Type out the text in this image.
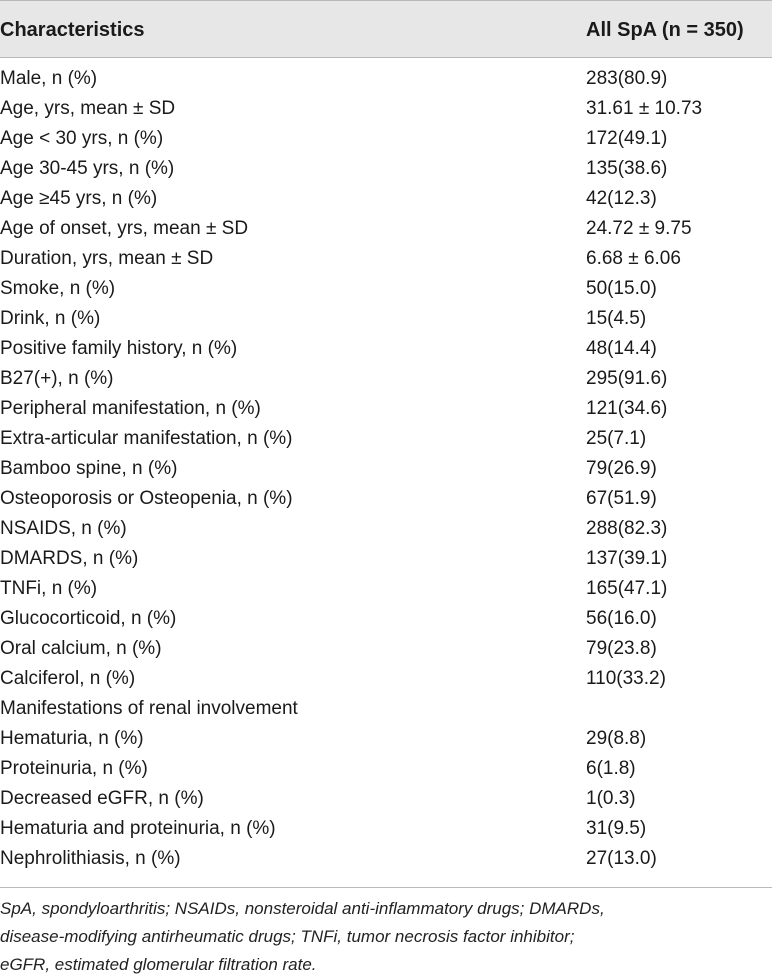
Characteristics	All SpA (n = 350)
Male, n (%)	283(80.9)
Age, yrs, mean ± SD	31.61 ± 10.73
Age < 30 yrs, n (%)	172(49.1)
Age 30-45 yrs, n (%)	135(38.6)
Age ≥45 yrs, n (%)	42(12.3)
Age of onset, yrs, mean ± SD	24.72 ± 9.75
Duration, yrs, mean ± SD	6.68 ± 6.06
Smoke, n (%)	50(15.0)
Drink, n (%)	15(4.5)
Positive family history, n (%)	48(14.4)
B27(+), n (%)	295(91.6)
Peripheral manifestation, n (%)	121(34.6)
Extra-articular manifestation, n (%)	25(7.1)
Bamboo spine, n (%)	79(26.9)
Osteoporosis or Osteopenia, n (%)	67(51.9)
NSAIDS, n (%)	288(82.3)
DMARDS, n (%)	137(39.1)
TNFi, n (%)	165(47.1)
Glucocorticoid, n (%)	56(16.0)
Oral calcium, n (%)	79(23.8)
Calciferol, n (%)	110(33.2)
Manifestations of renal involvement
Hematuria, n (%)	29(8.8)
Proteinuria, n (%)	6(1.8)
Decreased eGFR, n (%)	1(0.3)
Hematuria and proteinuria, n (%)	31(9.5)
Nephrolithiasis, n (%)	27(13.0)
SpA, spondyloarthritis; NSAIDs, nonsteroidal anti-inflammatory drugs; DMARDs,
disease-modifying antirheumatic drugs; TNFi, tumor necrosis factor inhibitor;
eGFR, estimated glomerular filtration rate.
